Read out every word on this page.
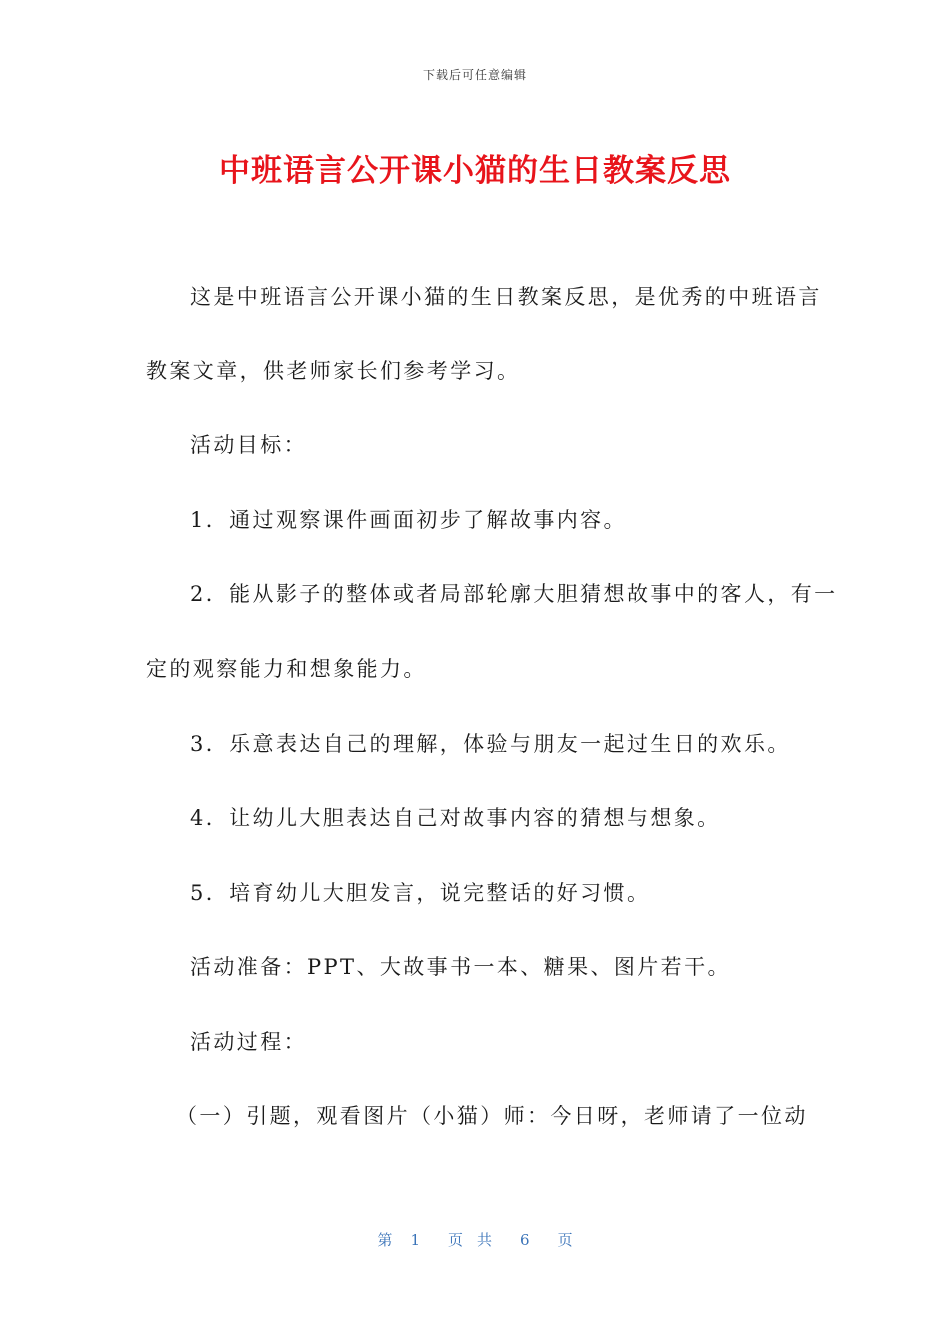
下载后可任意编辑
中班语言公开课小猫的生日教案反思
这是中班语言公开课小猫的生日教案反思，是优秀的中班语言
教案文章，供老师家长们参考学习。
活动目标：
1．通过观察课件画面初步了解故事内容。
2．能从影子的整体或者局部轮廓大胆猜想故事中的客人，有一
定的观察能力和想象能力。
3．乐意表达自己的理解，体验与朋友一起过生日的欢乐。
4．让幼儿大胆表达自己对故事内容的猜想与想象。
5．培育幼儿大胆发言，说完整话的好习惯。
活动准备：PPT、大故事书一本、糖果、图片若干。
活动过程：
（一）引题，观看图片（小猫）师：今日呀，老师请了一位动
第 1 页 共 6 页
